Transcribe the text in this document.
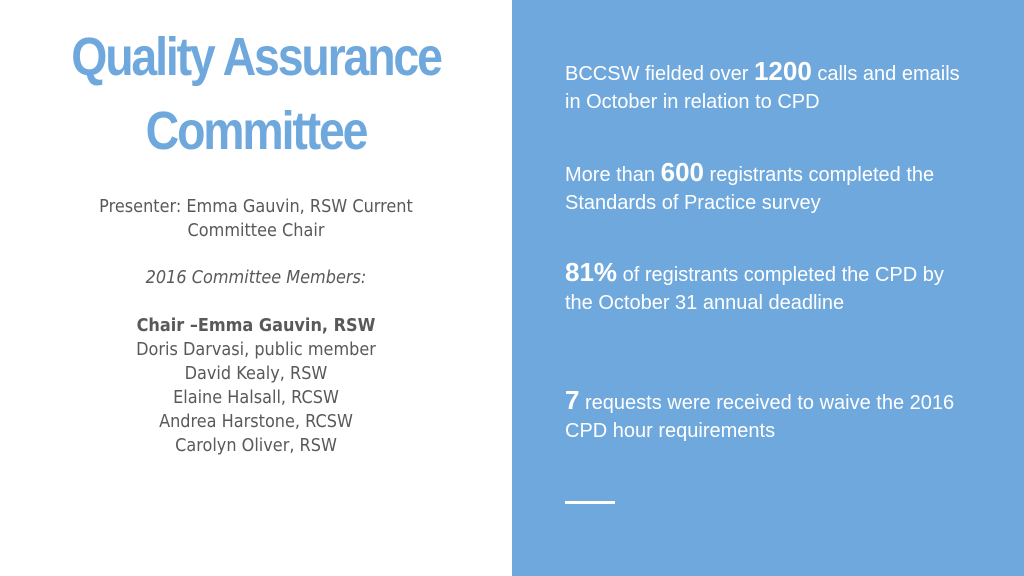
Quality Assurance
Committee
Presenter: Emma Gauvin, RSW Current
Committee Chair
2016 Committee Members:
Chair –Emma Gauvin, RSW
Doris Darvasi, public member
David Kealy, RSW
Elaine Halsall, RCSW
Andrea Harstone, RCSW
Carolyn Oliver, RSW
BCCSW fielded over 1200 calls and emails in October in relation to CPD
More than 600 registrants completed the Standards of Practice survey
81% of registrants completed the CPD by the October 31 annual deadline
7 requests were received to waive the 2016 CPD hour requirements
